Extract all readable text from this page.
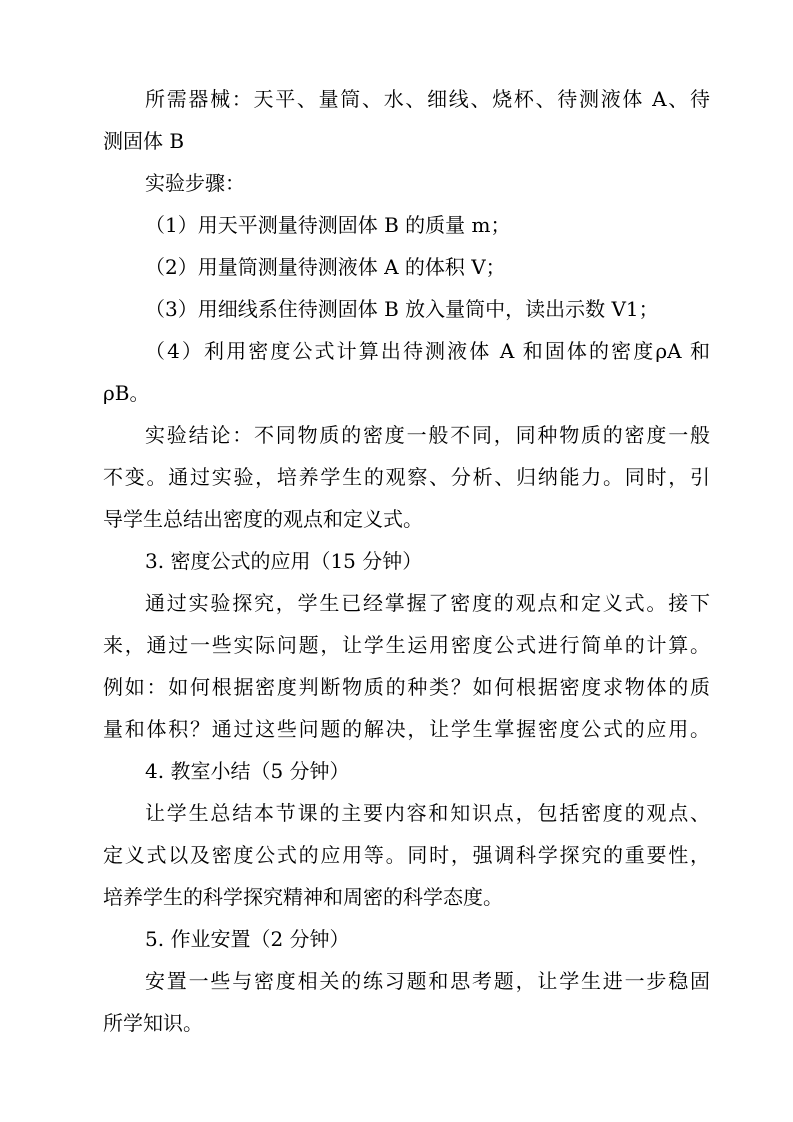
所需器械：天平、量筒、水、细线、烧杯、待测液体 A、待
测固体 B
实验步骤：
（1）用天平测量待测固体 B 的质量 m；
（2）用量筒测量待测液体 A 的体积 V；
（3）用细线系住待测固体 B 放入量筒中，读出示数 V1；
（4）利用密度公式计算出待测液体 A 和固体的密度ρA 和
ρB。
实验结论：不同物质的密度一般不同，同种物质的密度一般
不变。通过实验，培养学生的观察、分析、归纳能力。同时，引
导学生总结出密度的观点和定义式。
3. 密度公式的应用（15 分钟）
通过实验探究，学生已经掌握了密度的观点和定义式。接下
来，通过一些实际问题，让学生运用密度公式进行简单的计算。
例如：如何根据密度判断物质的种类？如何根据密度求物体的质
量和体积？通过这些问题的解决，让学生掌握密度公式的应用。
4. 教室小结（5 分钟）
让学生总结本节课的主要内容和知识点，包括密度的观点、
定义式以及密度公式的应用等。同时，强调科学探究的重要性，
培养学生的科学探究精神和周密的科学态度。
5. 作业安置（2 分钟）
安置一些与密度相关的练习题和思考题，让学生进一步稳固
所学知识。
